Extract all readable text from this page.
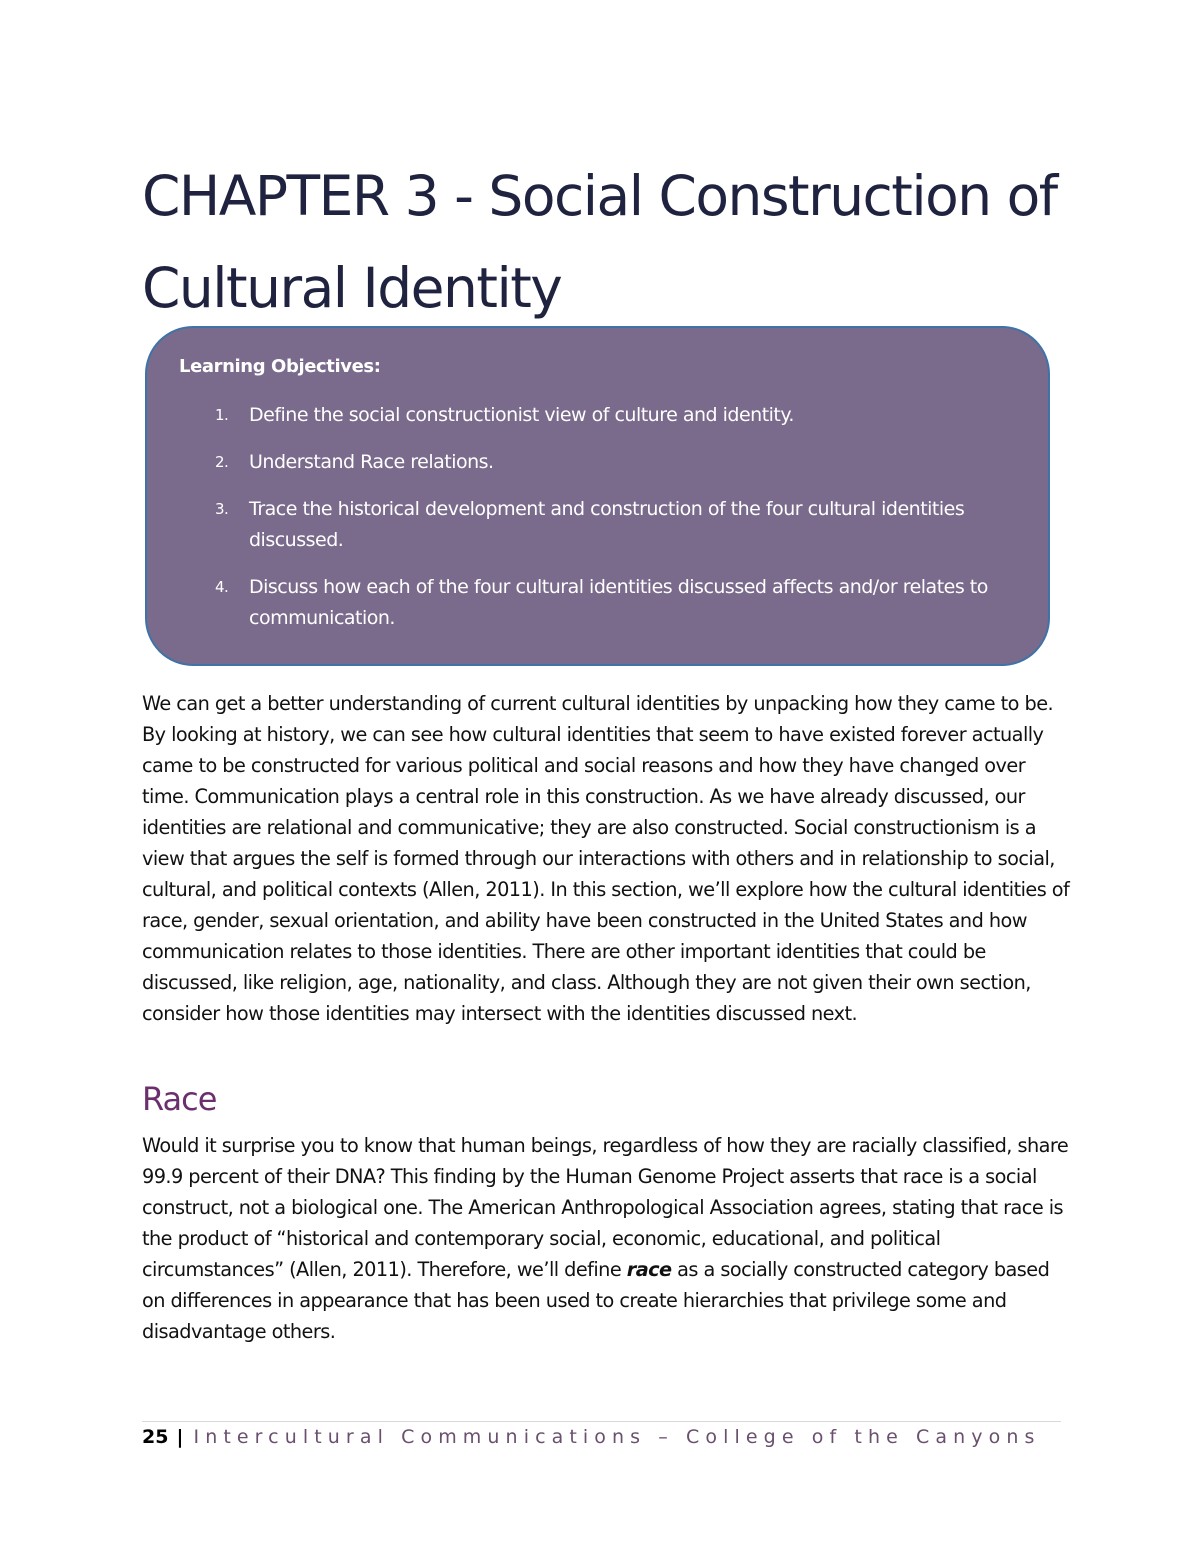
CHAPTER 3 - Social Construction of Cultural Identity
Learning Objectives:
1. Define the social constructionist view of culture and identity.
2. Understand Race relations.
3. Trace the historical development and construction of the four cultural identities discussed.
4. Discuss how each of the four cultural identities discussed affects and/or relates to communication.

We can get a better understanding of current cultural identities by unpacking how they came to be. By looking at history, we can see how cultural identities that seem to have existed forever actually came to be constructed for various political and social reasons and how they have changed over time. Communication plays a central role in this construction. As we have already discussed, our identities are relational and communicative; they are also constructed. Social constructionism is a view that argues the self is formed through our interactions with others and in relationship to social, cultural, and political contexts (Allen, 2011). In this section, we’ll explore how the cultural identities of race, gender, sexual orientation, and ability have been constructed in the United States and how communication relates to those identities. There are other important identities that could be discussed, like religion, age, nationality, and class. Although they are not given their own section, consider how those identities may intersect with the identities discussed next.

Race

Would it surprise you to know that human beings, regardless of how they are racially classified, share 99.9 percent of their DNA? This finding by the Human Genome Project asserts that race is a social construct, not a biological one. The American Anthropological Association agrees, stating that race is the product of “historical and contemporary social, economic, educational, and political circumstances” (Allen, 2011). Therefore, we’ll define race as a socially constructed category based on differences in appearance that has been used to create hierarchies that privilege some and disadvantage others.

25 | Intercultural Communications – College of the Canyons
